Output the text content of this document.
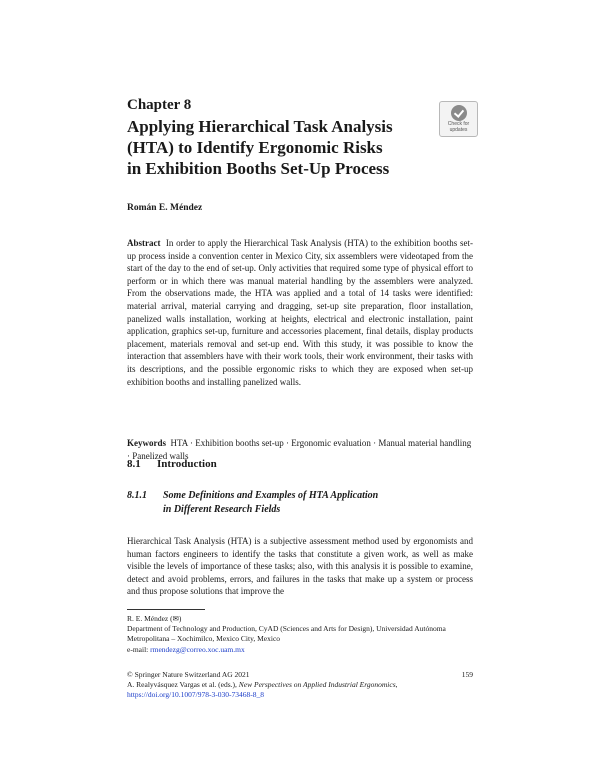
Chapter 8
Applying Hierarchical Task Analysis
(HTA) to Identify Ergonomic Risks
in Exhibition Booths Set-Up Process
Check for
updates
Román E. Méndez
Abstract In order to apply the Hierarchical Task Analysis (HTA) to the exhibition booths set-up process inside a convention center in Mexico City, six assemblers were videotaped from the start of the day to the end of set-up. Only activities that required some type of physical effort to perform or in which there was manual material handling by the assemblers were analyzed. From the observations made, the HTA was applied and a total of 14 tasks were identified: material arrival, material carrying and dragging, set-up site preparation, floor installation, panelized walls installation, working at heights, electrical and electronic installation, paint application, graphics set-up, furniture and accessories placement, final details, display products placement, materials removal and set-up end. With this study, it was possible to know the interaction that assemblers have with their work tools, their work environment, their tasks with its descriptions, and the possible ergonomic risks to which they are exposed when set-up exhibition booths and installing panelized walls.
Keywords HTA · Exhibition booths set-up · Ergonomic evaluation · Manual material handling · Panelized walls
8.1 Introduction
8.1.1 Some Definitions and Examples of HTA Application
in Different Research Fields
Hierarchical Task Analysis (HTA) is a subjective assessment method used by ergonomists and human factors engineers to identify the tasks that constitute a given work, as well as make visible the levels of importance of these tasks; also, with this analysis it is possible to examine, detect and avoid problems, errors, and failures in the tasks that make up a system or process and thus propose solutions that improve the
R. E. Méndez (✉)
Department of Technology and Production, CyAD (Sciences and Arts for Design), Universidad Autónoma Metropolitana – Xochimilco, Mexico City, Mexico
e-mail: rmendezg@correo.xoc.uam.mx
© Springer Nature Switzerland AG 2021	159
A. Realyvásquez Vargas et al. (eds.), New Perspectives on Applied Industrial Ergonomics,
https://doi.org/10.1007/978-3-030-73468-8_8
